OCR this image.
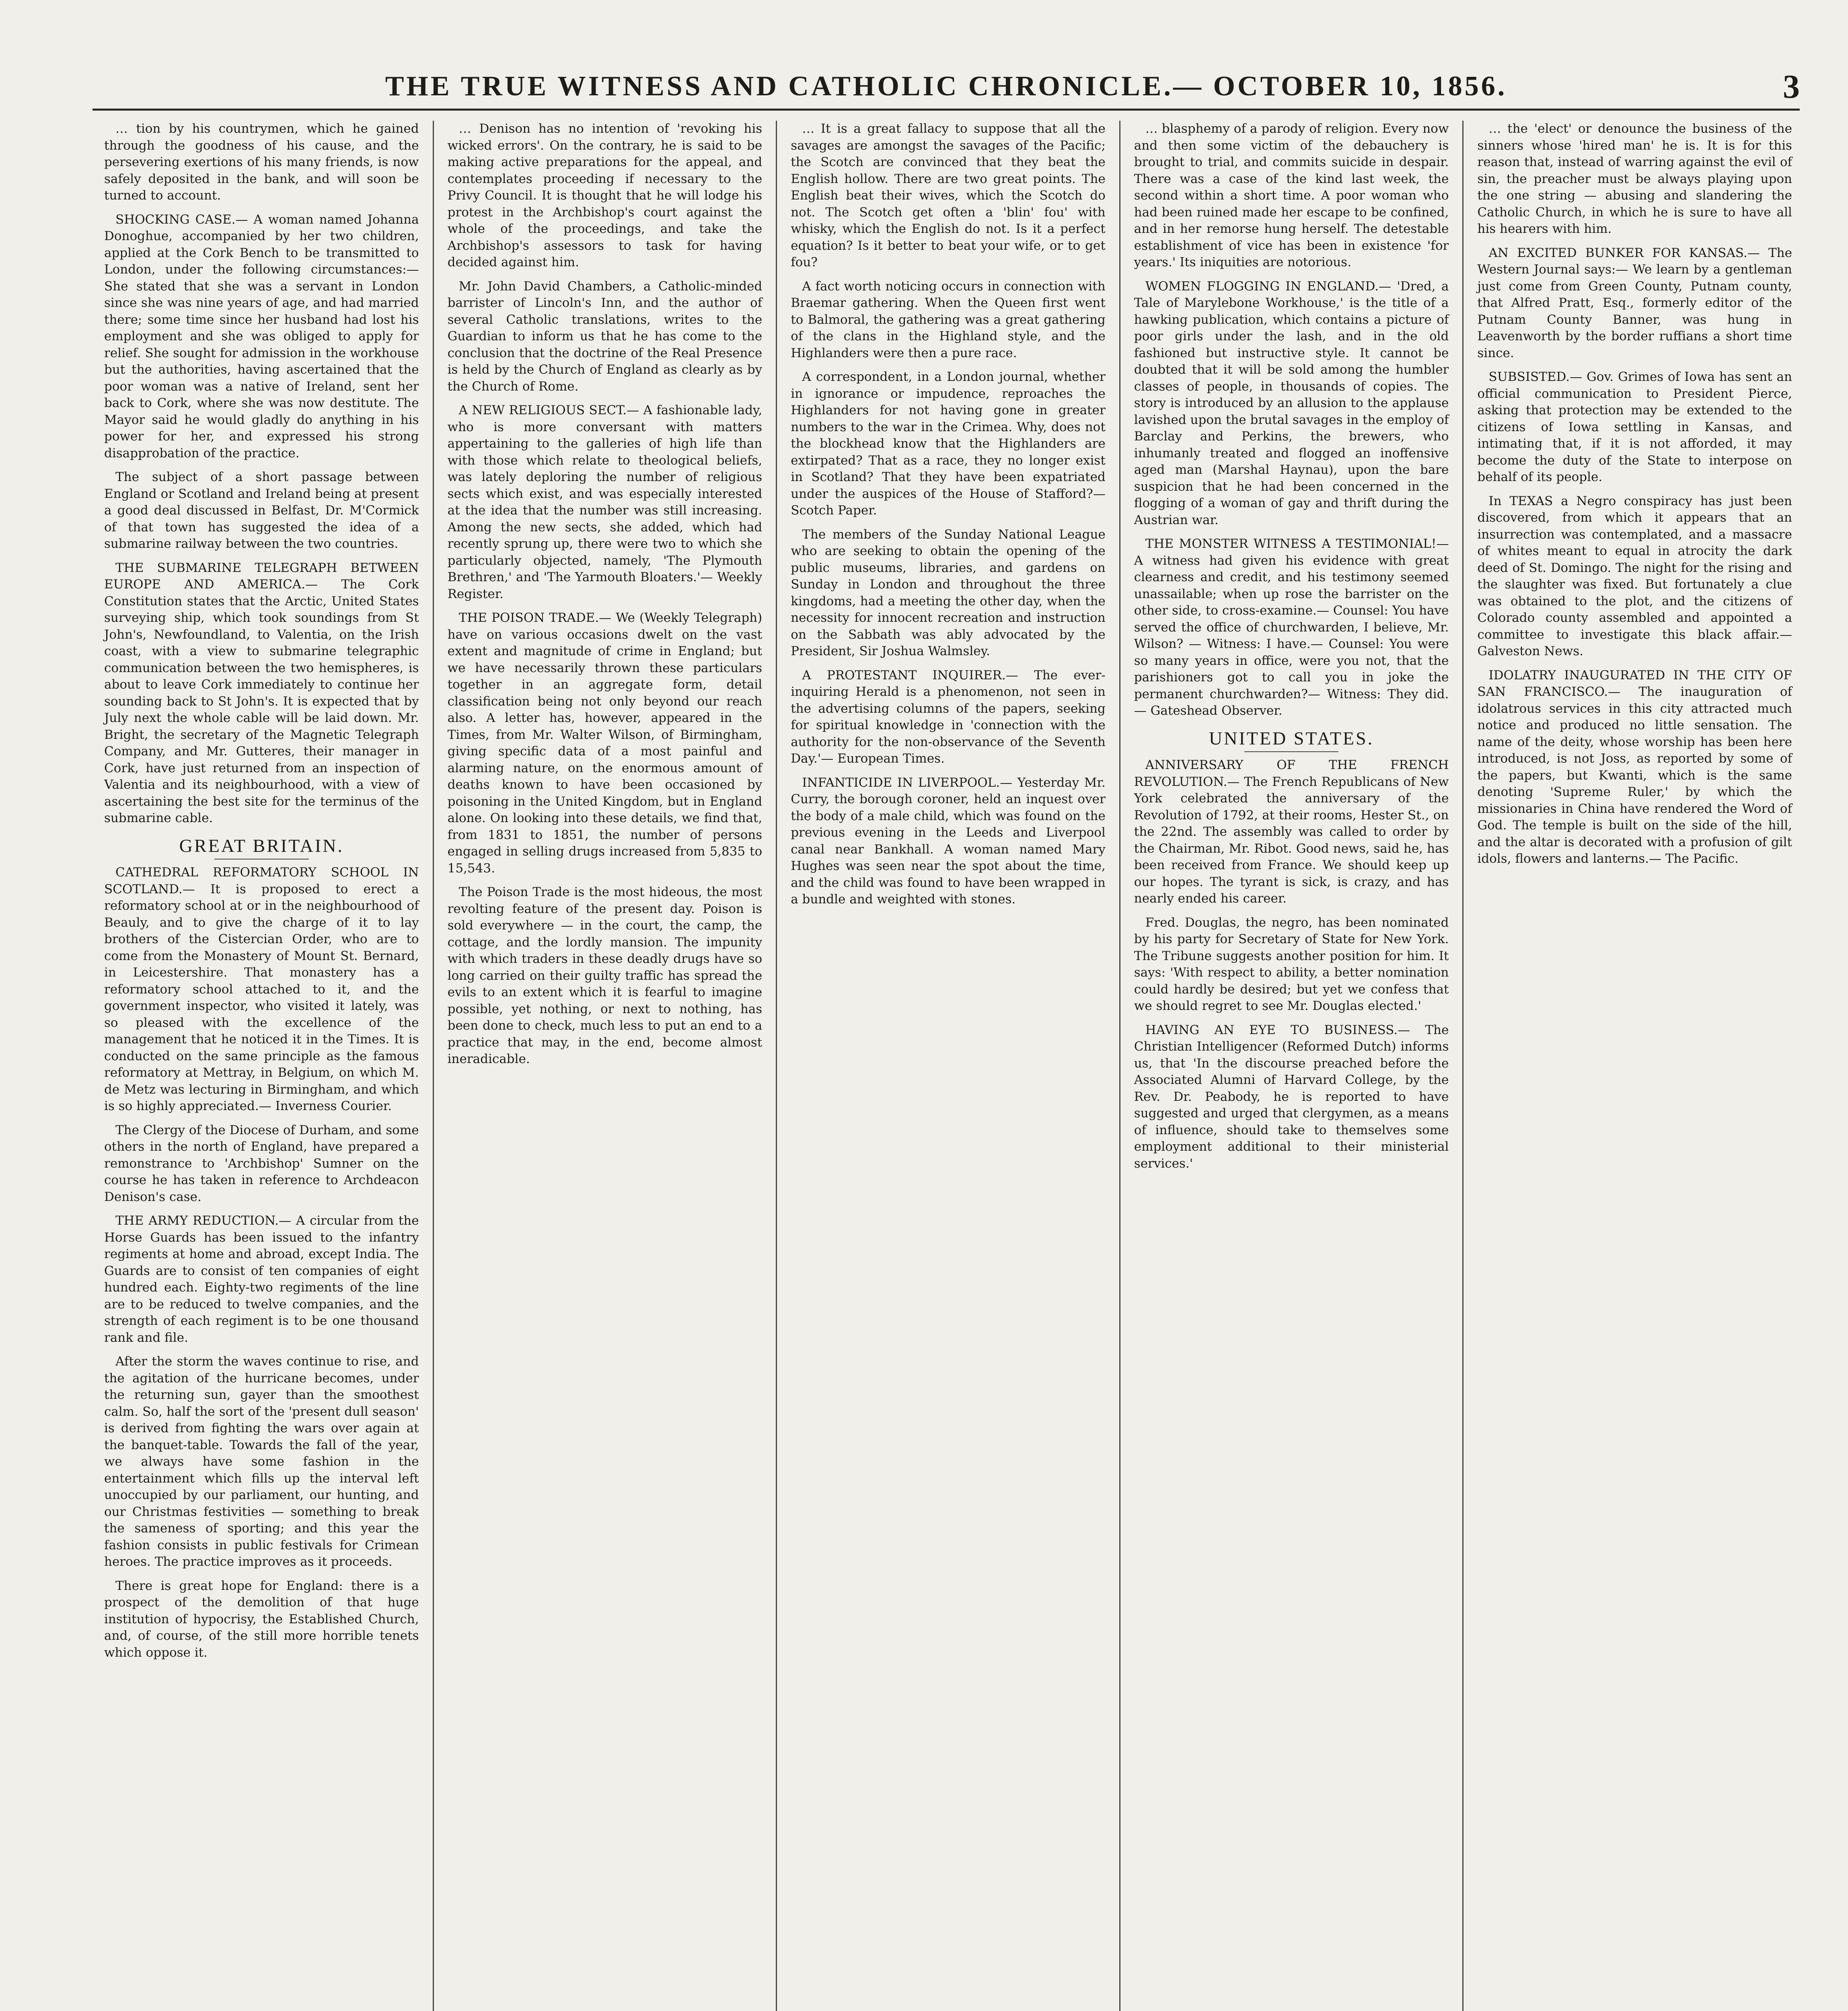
THE TRUE WITNESS AND CATHOLIC CHRONICLE.— OCTOBER 10, 1856.	3

… tion by his countrymen, which he gained through the goodness of his cause, and the persevering exertions of his many friends, is now safely deposited in the bank, and will soon be turned to account.

SHOCKING CASE.— A woman named Johanna Donoghue, accompanied by her two children, applied at the Cork Bench to be transmitted to London, under the following circumstances:— She stated that she was a servant in London since she was nine years of age, and had married there; some time since her husband had lost his employment and she was obliged to apply for relief. She sought for admission in the workhouse but the authorities, having ascertained that the poor woman was a native of Ireland, sent her back to Cork, where she was now destitute. The Mayor said he would gladly do anything in his power for her, and expressed his strong disapprobation of the practice.

The subject of a short passage between England or Scotland and Ireland being at present a good deal discussed in Belfast, Dr. M'Cormick of that town has suggested the idea of a submarine railway between the two countries.

THE SUBMARINE TELEGRAPH BETWEEN EUROPE AND AMERICA.— The Cork Constitution states that the Arctic, United States surveying ship, which took soundings from St John's, Newfoundland, to Valentia, on the Irish coast, with a view to submarine telegraphic communication between the two hemispheres, is about to leave Cork immediately to continue her sounding back to St John's. It is expected that by July next the whole cable will be laid down. Mr. Bright, the secretary of the Magnetic Telegraph Company, and Mr. Gutteres, their manager in Cork, have just returned from an inspection of Valentia and its neighbourhood, with a view of ascertaining the best site for the terminus of the submarine cable.

GREAT BRITAIN.

CATHEDRAL REFORMATORY SCHOOL IN SCOTLAND.— It is proposed to erect a reformatory school at or in the neighbourhood of Beauly, and to give the charge of it to lay brothers of the Cistercian Order, who are to come from the Monastery of Mount St. Bernard, in Leicestershire. That monastery has a reformatory school attached to it, and the government inspector, who visited it lately, was so pleased with the excellence of the management that he noticed it in the Times. It is conducted on the same principle as the famous reformatory at Mettray, in Belgium, on which M. de Metz was lecturing in Birmingham, and which is so highly appreciated.— Inverness Courier.

The Clergy of the Diocese of Durham, and some others in the north of England, have prepared a remonstrance to 'Archbishop' Sumner on the course he has taken in reference to Archdeacon Denison's case.

THE ARMY REDUCTION.— A circular from the Horse Guards has been issued to the infantry regiments at home and abroad, except India. The Guards are to consist of ten companies of eight hundred each. Eighty-two regiments of the line are to be reduced to twelve companies, and the strength of each regiment is to be one thousand rank and file.

After the storm the waves continue to rise, and the agitation of the hurricane becomes, under the returning sun, gayer than the smoothest calm. So, half the sort of the 'present dull season' is derived from fighting the wars over again at the banquet-table. Towards the fall of the year, we always have some fashion in the entertainment which fills up the interval left unoccupied by our parliament, our hunting, and our Christmas festivities — something to break the sameness of sporting; and this year the fashion consists in public festivals for Crimean heroes. The practice improves as it proceeds.

There is great hope for England: there is a prospect of the demolition of that huge institution of hypocrisy, the Established Church, and, of course, of the still more horrible tenets which oppose it.

… Denison has no intention of 'revoking his wicked errors'. On the contrary, he is said to be making active preparations for the appeal, and contemplates proceeding if necessary to the Privy Council. It is thought that he will lodge his protest in the Archbishop's court against the whole of the proceedings, and take the Archbishop's assessors to task for having decided against him.

Mr. John David Chambers, a Catholic-minded barrister of Lincoln's Inn, and the author of several Catholic translations, writes to the Guardian to inform us that he has come to the conclusion that the doctrine of the Real Presence is held by the Church of England as clearly as by the Church of Rome.

A NEW RELIGIOUS SECT.— A fashionable lady, who is more conversant with matters appertaining to the galleries of high life than with those which relate to theological beliefs, was lately deploring the number of religious sects which exist, and was especially interested at the idea that the number was still increasing. Among the new sects, she added, which had recently sprung up, there were two to which she particularly objected, namely, 'The Plymouth Brethren,' and 'The Yarmouth Bloaters.'— Weekly Register.

THE POISON TRADE.— We (Weekly Telegraph) have on various occasions dwelt on the vast extent and magnitude of crime in England; but we have necessarily thrown these particulars together in an aggregate form, detail classification being not only beyond our reach also. A letter has, however, appeared in the Times, from Mr. Walter Wilson, of Birmingham, giving specific data of a most painful and alarming nature, on the enormous amount of deaths known to have been occasioned by poisoning in the United Kingdom, but in England alone. On looking into these details, we find that, from 1831 to 1851, the number of persons engaged in selling drugs increased from 5,835 to 15,543.

The Poison Trade is the most hideous, the most revolting feature of the present day. Poison is sold everywhere — in the court, the camp, the cottage, and the lordly mansion. The impunity with which traders in these deadly drugs have so long carried on their guilty traffic has spread the evils to an extent which it is fearful to imagine possible, yet nothing, or next to nothing, has been done to check, much less to put an end to a practice that may, in the end, become almost ineradicable.

… It is a great fallacy to suppose that all the savages are amongst the savages of the Pacific; the Scotch are convinced that they beat the English hollow. There are two great points. The English beat their wives, which the Scotch do not. The Scotch get often a 'blin' fou' with whisky, which the English do not. Is it a perfect equation? Is it better to beat your wife, or to get fou?

A fact worth noticing occurs in connection with Braemar gathering. When the Queen first went to Balmoral, the gathering was a great gathering of the clans in the Highland style, and the Highlanders were then a pure race.

A correspondent, in a London journal, whether in ignorance or impudence, reproaches the Highlanders for not having gone in greater numbers to the war in the Crimea. Why, does not the blockhead know that the Highlanders are extirpated? That as a race, they no longer exist in Scotland? That they have been expatriated under the auspices of the House of Stafford?— Scotch Paper.

The members of the Sunday National League who are seeking to obtain the opening of the public museums, libraries, and gardens on Sunday in London and throughout the three kingdoms, had a meeting the other day, when the necessity for innocent recreation and instruction on the Sabbath was ably advocated by the President, Sir Joshua Walmsley.

A PROTESTANT INQUIRER.— The ever-inquiring Herald is a phenomenon, not seen in the advertising columns of the papers, seeking for spiritual knowledge in 'connection with the authority for the non-observance of the Seventh Day.'— European Times.

INFANTICIDE IN LIVERPOOL.— Yesterday Mr. Curry, the borough coroner, held an inquest over the body of a male child, which was found on the previous evening in the Leeds and Liverpool canal near Bankhall. A woman named Mary Hughes was seen near the spot about the time, and the child was found to have been wrapped in a bundle and weighted with stones.

… blasphemy of a parody of religion. Every now and then some victim of the debauchery is brought to trial, and commits suicide in despair. There was a case of the kind last week, the second within a short time. A poor woman who had been ruined made her escape to be confined, and in her remorse hung herself. The detestable establishment of vice has been in existence 'for years.' Its iniquities are notorious.

WOMEN FLOGGING IN ENGLAND.— 'Dred, a Tale of Marylebone Workhouse,' is the title of a hawking publication, which contains a picture of poor girls under the lash, and in the old fashioned but instructive style. It cannot be doubted that it will be sold among the humbler classes of people, in thousands of copies. The story is introduced by an allusion to the applause lavished upon the brutal savages in the employ of Barclay and Perkins, the brewers, who inhumanly treated and flogged an inoffensive aged man (Marshal Haynau), upon the bare suspicion that he had been concerned in the flogging of a woman of gay and thrift during the Austrian war.

THE MONSTER WITNESS A TESTIMONIAL!— A witness had given his evidence with great clearness and credit, and his testimony seemed unassailable; when up rose the barrister on the other side, to cross-examine.— Counsel: You have served the office of churchwarden, I believe, Mr. Wilson? — Witness: I have.— Counsel: You were so many years in office, were you not, that the parishioners got to call you in joke the permanent churchwarden?— Witness: They did.— Gateshead Observer.

UNITED STATES.

ANNIVERSARY OF THE FRENCH REVOLUTION.— The French Republicans of New York celebrated the anniversary of the Revolution of 1792, at their rooms, Hester St., on the 22nd. The assembly was called to order by the Chairman, Mr. Ribot. Good news, said he, has been received from France. We should keep up our hopes. The tyrant is sick, is crazy, and has nearly ended his career.

Fred. Douglas, the negro, has been nominated by his party for Secretary of State for New York. The Tribune suggests another position for him. It says: 'With respect to ability, a better nomination could hardly be desired; but yet we confess that we should regret to see Mr. Douglas elected.'

HAVING AN EYE TO BUSINESS.— The Christian Intelligencer (Reformed Dutch) informs us, that 'In the discourse preached before the Associated Alumni of Harvard College, by the Rev. Dr. Peabody, he is reported to have suggested and urged that clergymen, as a means of influence, should take to themselves some employment additional to their ministerial services.'

… the 'elect' or denounce the business of the sinners whose 'hired man' he is. It is for this reason that, instead of warring against the evil of sin, the preacher must be always playing upon the one string — abusing and slandering the Catholic Church, in which he is sure to have all his hearers with him.

AN EXCITED BUNKER FOR KANSAS.— The Western Journal says:— We learn by a gentleman just come from Green County, Putnam county, that Alfred Pratt, Esq., formerly editor of the Putnam County Banner, was hung in Leavenworth by the border ruffians a short time since.

SUBSISTED.— Gov. Grimes of Iowa has sent an official communication to President Pierce, asking that protection may be extended to the citizens of Iowa settling in Kansas, and intimating that, if it is not afforded, it may become the duty of the State to interpose on behalf of its people.

In TEXAS a Negro conspiracy has just been discovered, from which it appears that an insurrection was contemplated, and a massacre of whites meant to equal in atrocity the dark deed of St. Domingo. The night for the rising and the slaughter was fixed. But fortunately a clue was obtained to the plot, and the citizens of Colorado county assembled and appointed a committee to investigate this black affair.— Galveston News.

IDOLATRY INAUGURATED IN THE CITY OF SAN FRANCISCO.— The inauguration of idolatrous services in this city attracted much notice and produced no little sensation. The name of the deity, whose worship has been here introduced, is not Joss, as reported by some of the papers, but Kwanti, which is the same denoting 'Supreme Ruler,' by which the missionaries in China have rendered the Word of God. The temple is built on the side of the hill, and the altar is decorated with a profusion of gilt idols, flowers and lanterns.— The Pacific.
